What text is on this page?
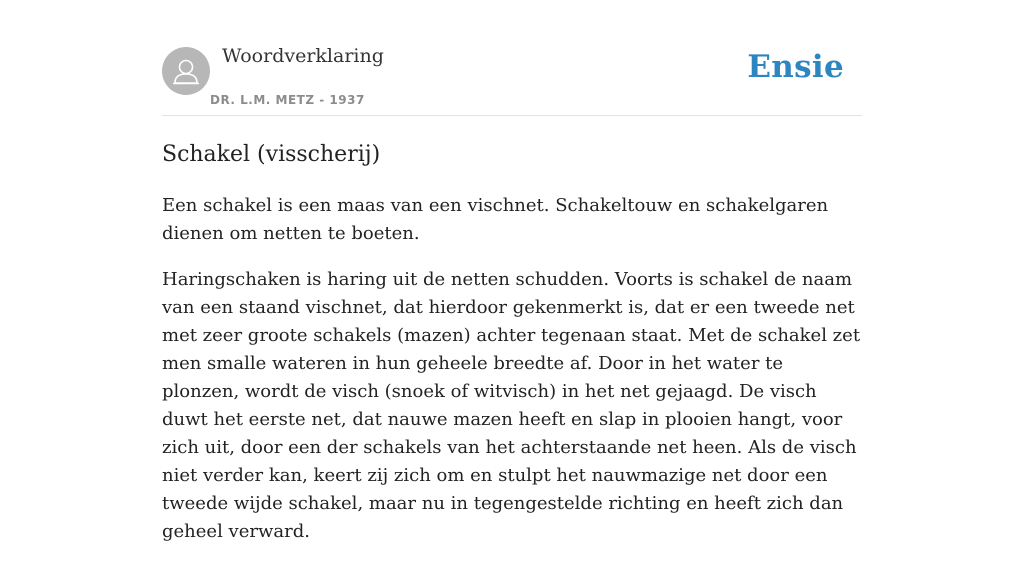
Woordverklaring
DR. L.M. METZ - 1937
Ensie
Schakel (visscherij)

Een schakel is een maas van een vischnet. Schakeltouw en schakelgaren dienen om netten te boeten.

Haringschaken is haring uit de netten schudden. Voorts is schakel de naam van een staand vischnet, dat hierdoor gekenmerkt is, dat er een tweede net met zeer groote schakels (mazen) achter tegenaan staat. Met de schakel zet men smalle wateren in hun geheele breedte af. Door in het water te plonzen, wordt de visch (snoek of witvisch) in het net gejaagd. De visch duwt het eerste net, dat nauwe mazen heeft en slap in plooien hangt, voor zich uit, door een der schakels van het achterstaande net heen. Als de visch niet verder kan, keert zij zich om en stulpt het nauwmazige net door een tweede wijde schakel, maar nu in tegengestelde richting en heeft zich dan geheel verward.
